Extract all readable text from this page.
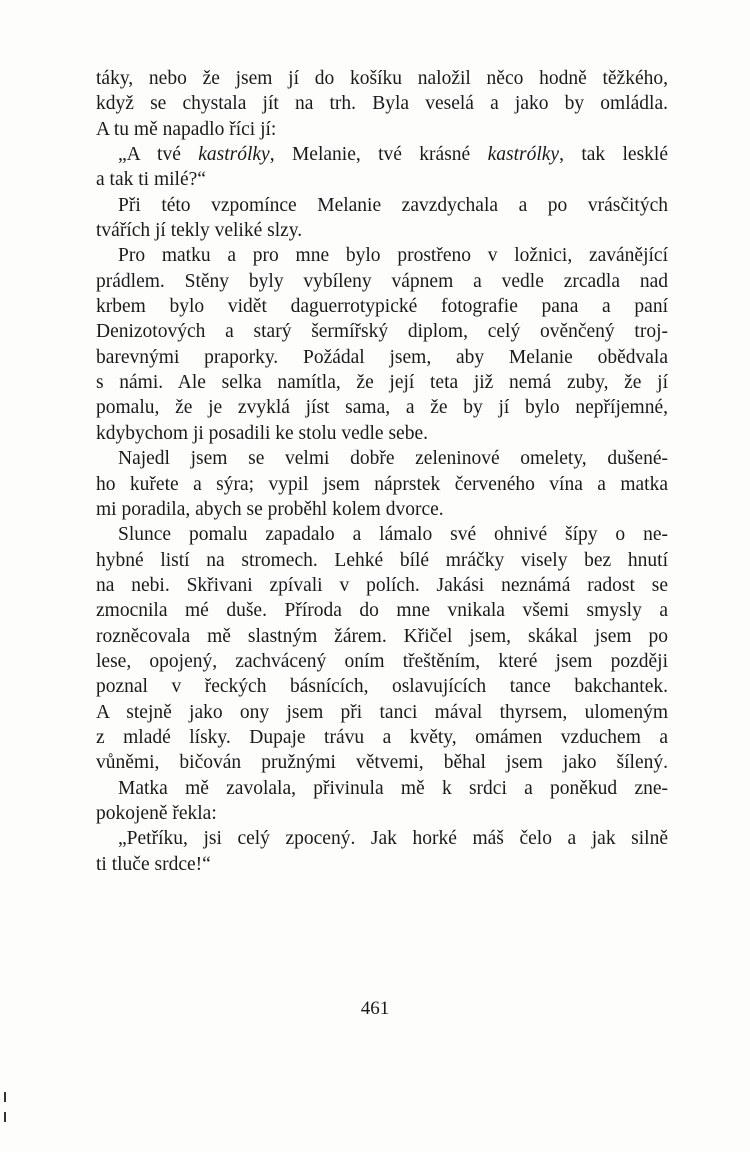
táky, nebo že jsem jí do košíku naložil něco hodně těžkého,
když se chystala jít na trh. Byla veselá a jako by omládla.
A tu mě napadlo říci jí:
„A tvé kastrólky, Melanie, tvé krásné kastrólky, tak lesklé
a tak ti milé?“
Při této vzpomínce Melanie zavzdychala a po vrásčitých
tvářích jí tekly veliké slzy.
Pro matku a pro mne bylo prostřeno v ložnici, zavánějící
prádlem. Stěny byly vybíleny vápnem a vedle zrcadla nad
krbem bylo vidět daguerrotypické fotografie pana a paní
Denizotových a starý šermířský diplom, celý ověnčený troj-
barevnými praporky. Požádal jsem, aby Melanie obědvala
s námi. Ale selka namítla, že její teta již nemá zuby, že jí
pomalu, že je zvyklá jíst sama, a že by jí bylo nepříjemné,
kdybychom ji posadili ke stolu vedle sebe.
Najedl jsem se velmi dobře zeleninové omelety, dušené-
ho kuřete a sýra; vypil jsem náprstek červeného vína a matka
mi poradila, abych se proběhl kolem dvorce.
Slunce pomalu zapadalo a lámalo své ohnivé šípy o ne-
hybné listí na stromech. Lehké bílé mráčky visely bez hnutí
na nebi. Skřivani zpívali v polích. Jakási neznámá radost se
zmocnila mé duše. Příroda do mne vnikala všemi smysly a
rozněcovala mě slastným žárem. Křičel jsem, skákal jsem po
lese, opojený, zachvácený oním třeštěním, které jsem později
poznal v řeckých básnících, oslavujících tance bakchantek.
A stejně jako ony jsem při tanci mával thyrsem, ulomeným
z mladé lísky. Dupaje trávu a květy, omámen vzduchem a
vůněmi, bičován pružnými větvemi, běhal jsem jako šílený.
Matka mě zavolala, přivinula mě k srdci a poněkud zne-
pokojeně řekla:
„Petříku, jsi celý zpocený. Jak horké máš čelo a jak silně
ti tluče srdce!“
461
